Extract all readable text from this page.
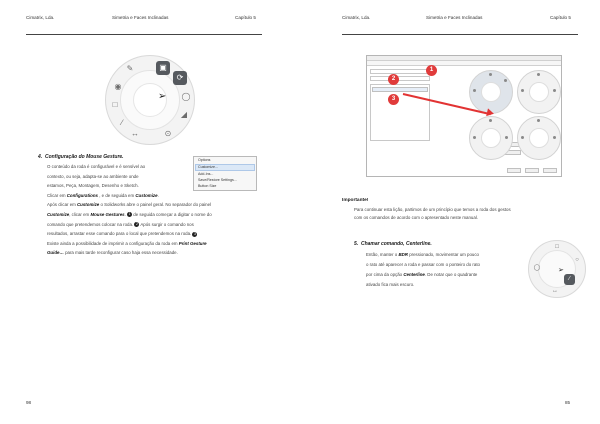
Cimatrix, Lda.	Simetria e Faces Inclinadas	Capítulo 5
▣
⟳
✎
◉
□
∕
↔	⊙
◢
◯
➢
4. Configuração do Mouse Gesture.
O conteúdo da roda é configurável e é sensível ao
contexto, ou seja, adapta-se ao ambiente onde
estamos, Peça, Montagem, Desenho e Sketch.
Clicar em Configurations , e de seguida em Customize.
Após clicar em Customize o Solidworks abre o painel geral. No separador do painel
Customize, clicar em Mouse Gestures. 1 de seguida começar a digitar o nome do
comando que pretendemos colocar na roda. 2 Após surgir o comando nos
resultados, arrastar esse comando para o local que pretendemos na roda. 3
Existe ainda a possibilidade de imprimir a configuração da roda em Print Gesture
Guide… para mais tarde reconfigurar caso haja essa necessidade.
Options
Customize...
Add-Ins...
Save/Restore Settings...
Button Size
98
Cimatrix, Lda.	Simetria e Faces Inclinadas	Capítulo 5
1
2
3
Importante!
Para continuar esta lição, partimos de um princípio que temos a roda dos gestos
com os comandos de acordo com o apresentado neste manual.
5. Chamar comando, Centerline.
Então, manter o BDR pressionado, movimentar um pouco
o rato até aparecer a roda e passar com o ponteiro do rato
por cima da opção Centerline. De notar que o quadrante
ativado fica mais escuro.
∕
□
◯
○
↔
➢
85
